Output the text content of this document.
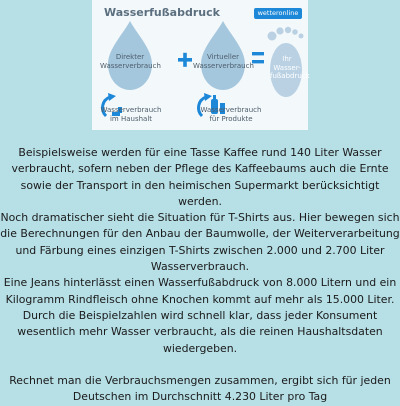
Wasserfußabdruck	wetteronline
Direkter
Wasserverbrauch
Virtueller
Wasserverbrauch
Ihr
Wasser-
fußabdruck
Wasserverbrauch
im Haushalt
Wasserverbrauch
für Produkte

Beispielsweise werden für eine Tasse Kaffee rund 140 Liter Wasser verbraucht, sofern neben der Pflege des Kaffeebaums auch die Ernte sowie der Transport in den heimischen Supermarkt berücksichtigt werden.

Noch dramatischer sieht die Situation für T-Shirts aus. Hier bewegen sich die Berechnungen für den Anbau der Baumwolle, der Weiterverarbeitung und Färbung eines einzigen T-Shirts zwischen 2.000 und 2.700 Liter Wasserverbrauch.

Eine Jeans hinterlässt einen Wasserfußabdruck von 8.000 Litern und ein Kilogramm Rindfleisch ohne Knochen kommt auf mehr als 15.000 Liter. Durch die Beispielzahlen wird schnell klar, dass jeder Konsument wesentlich mehr Wasser verbraucht, als die reinen Haushaltsdaten wiedergeben.

Rechnet man die Verbrauchsmengen zusammen, ergibt sich für jeden Deutschen im Durchschnitt 4.230 Liter pro Tag
